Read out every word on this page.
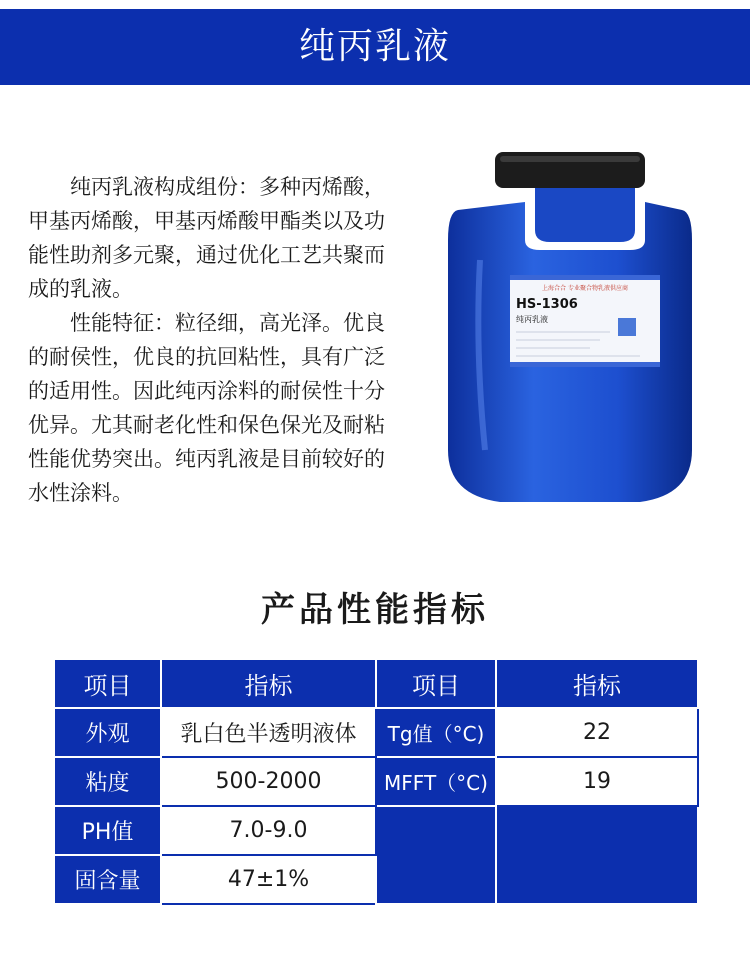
纯丙乳液

纯丙乳液构成组份：多种丙烯酸，甲基丙烯酸，甲基丙烯酸甲酯类以及功能性助剂多元聚，通过优化工艺共聚而成的乳液。

性能特征：粒径细，高光泽。优良的耐侯性，优良的抗回粘性，具有广泛的适用性。因此纯丙涂料的耐侯性十分优异。尤其耐老化性和保色保光及耐粘性能优势突出。纯丙乳液是目前较好的水性涂料。

上海合合 专业聚合物乳液供应商
HS-1306
纯丙乳液
产品性能指标
项目	指标	项目	指标
外观	乳白色半透明液体	Tg值（°C)	22
粘度	500-2000	MFFT（°C)	19
PH值	7.0-9.0		
固含量	47±1%		
